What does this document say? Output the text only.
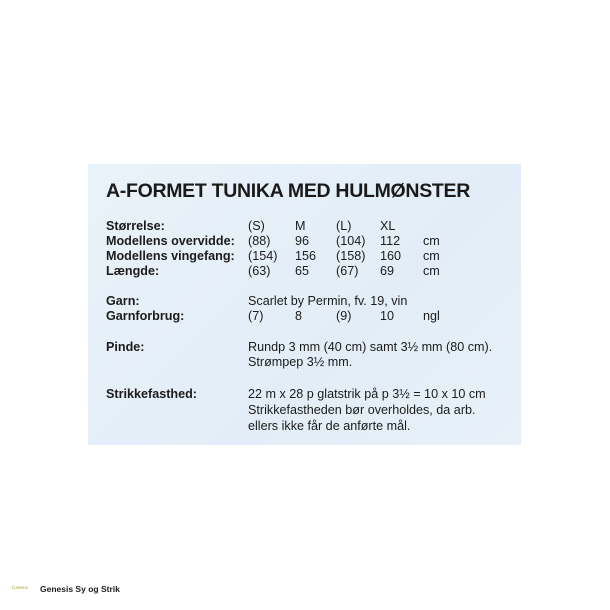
A-FORMET TUNIKA MED HULMØNSTER
Størrelse:	(S) M (L) XL
Modellens overvidde: (88) 96 (104) 112 cm
Modellens vingefang: (154) 156 (158) 160 cm
Længde:	(63) 65 (67) 69 cm
Garn:	Scarlet by Permin, fv. 19, vin
Garnforbrug:	(7)	8	(9) 10 ngl
Pinde:	Rundp 3 mm (40 cm) samt 3½ mm (80 cm).
Strømpep 3½ mm.
Strikkefasthed:	22 m x 28 p glatstrik på p 3½ = 10 x 10 cm
Strikkefastheden bør overholdes, da arb.
ellers ikke får de anførte mål.
Genesis	Genesis Sy og Strik
